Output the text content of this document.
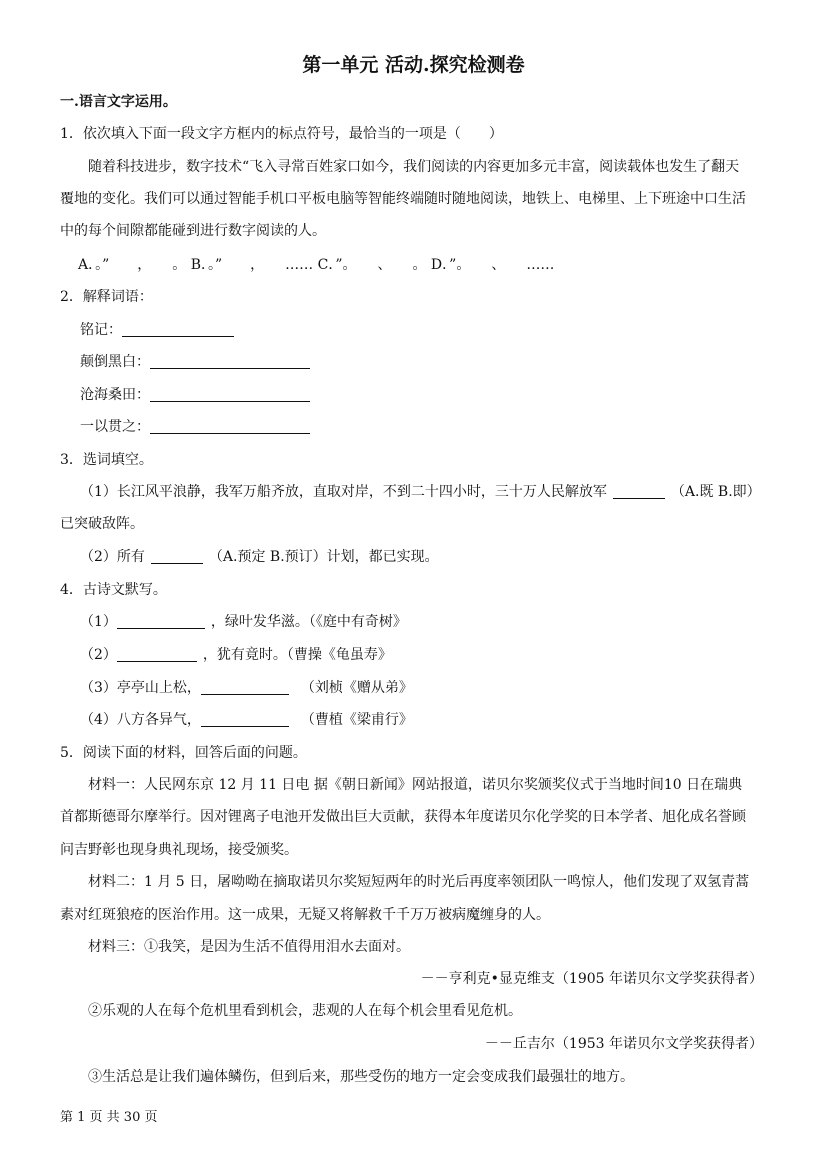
第一单元 活动.探究检测卷
一.语言文字运用。
1．依次填入下面一段文字方框内的标点符号，最恰当的一项是（　　）
随着科技进步，数字技术“飞入寻常百姓家口如今，我们阅读的内容更加多元丰富，阅读载体也发生了翻天
覆地的变化。我们可以通过智能手机口平板电脑等智能终端随时随地阅读，地铁上、电梯里、上下班途中口生活
中的每个间隙都能碰到进行数字阅读的人。
A．。”　　，　　。 B．。”　　，　　…… C．”。　　、　　。 D．”。　　、　　……
2．解释词语：
铭记：
颠倒黑白：
沧海桑田：
一以贯之：
3．选词填空。
（1）长江风平浪静，我军万船齐放，直取对岸，不到二十四小时，三十万人民解放军	（A.既 B.即）
已突破敌阵。
（2）所有	（A.预定 B.预订）计划，都已实现。
4．古诗文默写。
（1）	，绿叶发华滋。（《庭中有奇树》
（2）	，犹有竟时。（曹操《龟虽寿》
（3）亭亭山上松，	（刘桢《赠从弟》
（4）八方各异气，	（曹植《梁甫行》
5．阅读下面的材料，回答后面的问题。
材料一：人民网东京 12 月 11 日电 据《朝日新闻》网站报道，诺贝尔奖颁奖仪式于当地时间10 日在瑞典
首都斯德哥尔摩举行。因对锂离子电池开发做出巨大贡献，获得本年度诺贝尔化学奖的日本学者、旭化成名誉顾
问吉野彰也现身典礼现场，接受颁奖。
材料二：1 月 5 日，屠呦呦在摘取诺贝尔奖短短两年的时光后再度率领团队一鸣惊人，他们发现了双氢青蒿
素对红斑狼疮的医治作用。这一成果，无疑又将解救千千万万被病魔缠身的人。
材料三：①我笑，是因为生活不值得用泪水去面对。
－－亨利克•显克维支（1905 年诺贝尔文学奖获得者）
②乐观的人在每个危机里看到机会，悲观的人在每个机会里看见危机。
－－丘吉尔（1953 年诺贝尔文学奖获得者）
③生活总是让我们遍体鳞伤，但到后来，那些受伤的地方一定会变成我们最强壮的地方。
第 1 页 共 30 页
